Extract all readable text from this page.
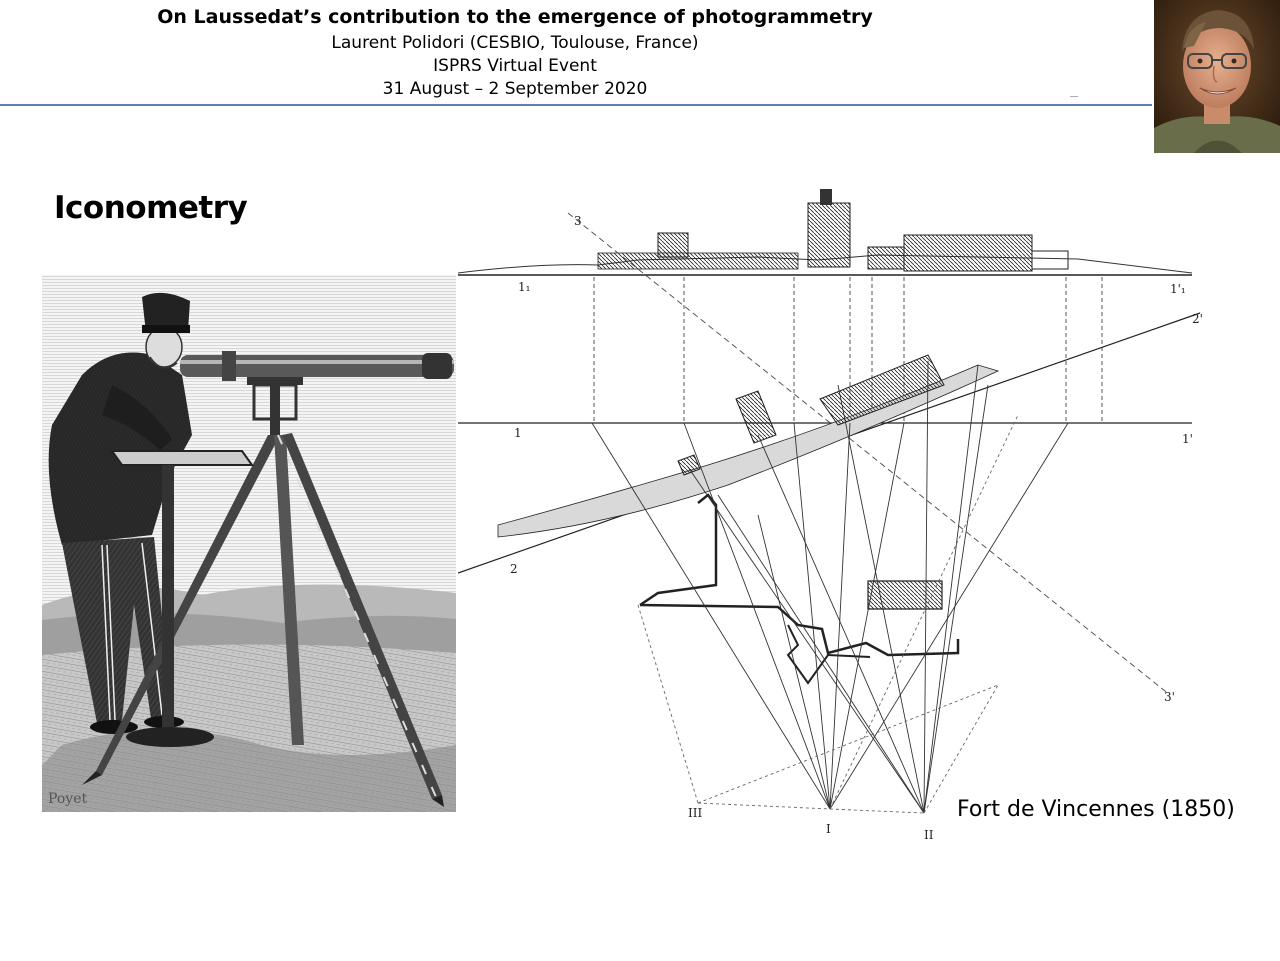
On Laussedat’s contribution to the emergence of photogrammetry
Laurent Polidori (CESBIO, Toulouse, France)
ISPRS Virtual Event
31 August – 2 September 2020
Iconometry
Poyet
1₁	1'₁
1	1'
2
2'
3
3'
I	II
III	Fort de Vincennes (1850)
